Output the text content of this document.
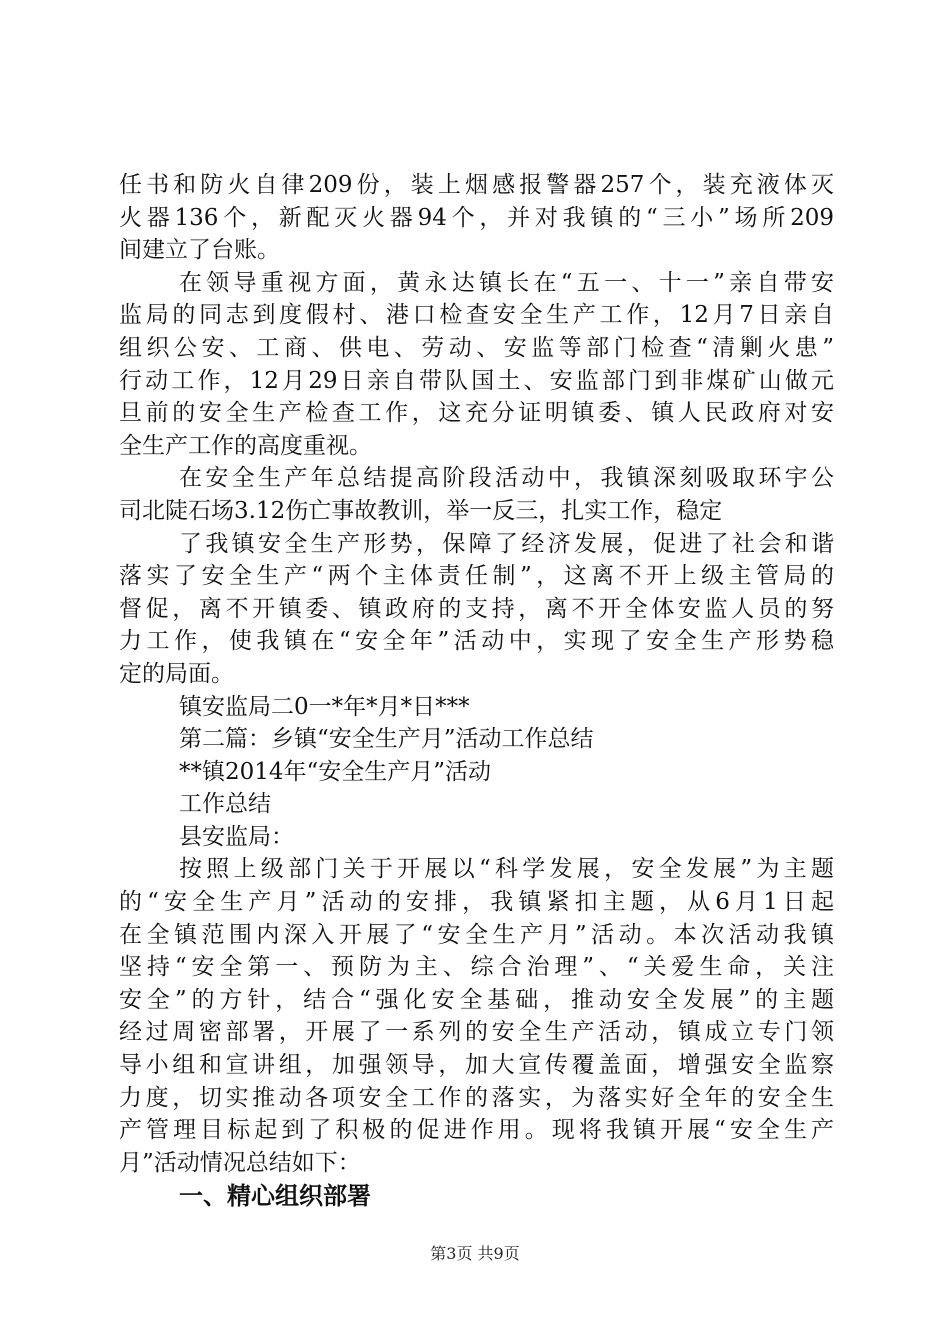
任书和防火自律209份，装上烟感报警器257个，装充液体灭
火器136个，新配灭火器94个，并对我镇的“三小”场所209
间建立了台账。
在领导重视方面，黄永达镇长在“五一、十一”亲自带安
监局的同志到度假村、港口检查安全生产工作，12月7日亲自
组织公安、工商、供电、劳动、安监等部门检查“清剿火患”
行动工作，12月29日亲自带队国土、安监部门到非煤矿山做元
旦前的安全生产检查工作，这充分证明镇委、镇人民政府对安
全生产工作的高度重视。
在安全生产年总结提高阶段活动中，我镇深刻吸取环宇公
司北陡石场3.12伤亡事故教训，举一反三，扎实工作，稳定
了我镇安全生产形势，保障了经济发展，促进了社会和谐
落实了安全生产“两个主体责任制”，这离不开上级主管局的
督促，离不开镇委、镇政府的支持，离不开全体安监人员的努
力工作，使我镇在“安全年”活动中，实现了安全生产形势稳
定的局面。
镇安监局二0一*年*月*日***
第二篇：乡镇“安全生产月”活动工作总结
**镇2014年“安全生产月”活动
工作总结
县安监局：
按照上级部门关于开展以“科学发展，安全发展”为主题
的“安全生产月”活动的安排，我镇紧扣主题，从6月1日起
在全镇范围内深入开展了“安全生产月”活动。本次活动我镇
坚持“安全第一、预防为主、综合治理”、“关爱生命，关注
安全”的方针，结合“强化安全基础，推动安全发展”的主题
经过周密部署，开展了一系列的安全生产活动，镇成立专门领
导小组和宣讲组，加强领导，加大宣传覆盖面，增强安全监察
力度，切实推动各项安全工作的落实，为落实好全年的安全生
产管理目标起到了积极的促进作用。现将我镇开展“安全生产
月”活动情况总结如下：
一、精心组织部署
第3页 共9页
